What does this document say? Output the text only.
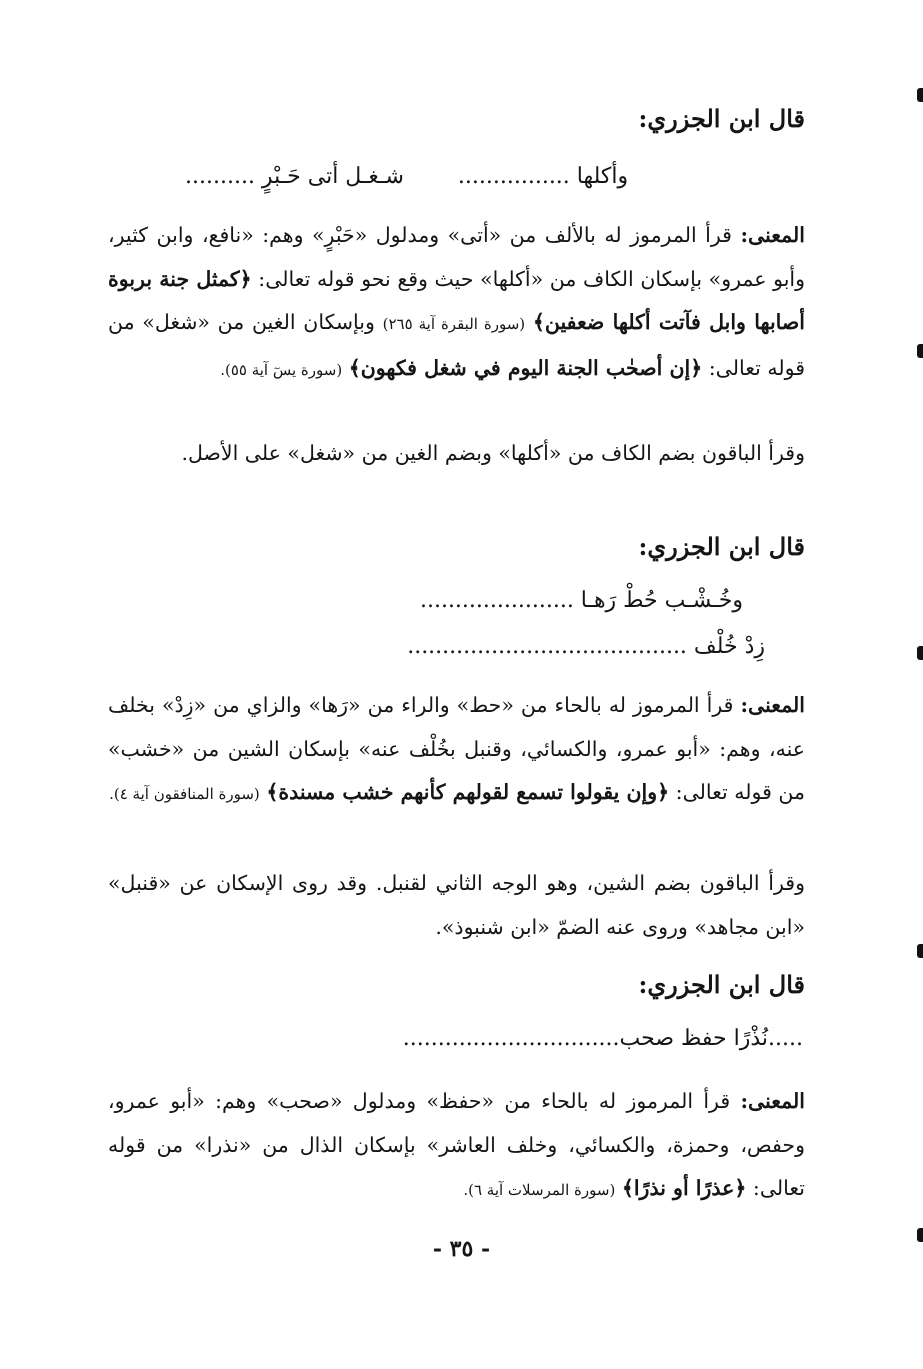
قال ابن الجزري:
وأكلها ................  شـغـل أتى حَـبْرٍ ..........
المعنى: قرأ المرموز له بالألف من «أتى» ومدلول «حَبْرٍ» وهم: «نافع، وابن كثير، وأبو عمرو» بإسكان الكاف من «أكلها» حيث وقع نحو قوله تعالى: ﴿كمثل جنة بربوة أصابها وابل فآتت أكلها ضعفين﴾ (سورة البقرة آية ٢٦٥) وبإسكان الغين من «شغل» من قوله تعالى: ﴿إن أصحٰب الجنة اليوم في شغل فكهون﴾ (سورة يسٓ آية ٥٥).
وقرأ الباقون بضم الكاف من «أكلها» وبضم الغين من «شغل» على الأصل.
قال ابن الجزري:
وخُـشْـب حُطْ رَهـا ......................
زِدْ خُلْف ........................................
المعنى: قرأ المرموز له بالحاء من «حط» والراء من «رَها» والزاي من «زِدْ» بخلف عنه، وهم: «أبو عمرو، والكسائي، وقنبل بخُلْف عنه» بإسكان الشين من «خشب» من قوله تعالى: ﴿وإن يقولوا تسمع لقولهم كأنهم خشب مسندة﴾ (سورة المنافقون آية ٤).
وقرأ الباقون بضم الشين، وهو الوجه الثاني لقنبل. وقد روى الإسكان عن «قنبل» «ابن مجاهد» وروى عنه الضمّ «ابن شنبوذ».
قال ابن الجزري:
.....نُذْرًا حفظ صحب...............................
المعنى: قرأ المرموز له بالحاء من «حفظ» ومدلول «صحب» وهم: «أبو عمرو، وحفص، وحمزة، والكسائي، وخلف العاشر» بإسكان الذال من «نذرا» من قوله تعالى: ﴿عذرًا أو نذرًا﴾ (سورة المرسلات آية ٦).
- ٣٥ -
